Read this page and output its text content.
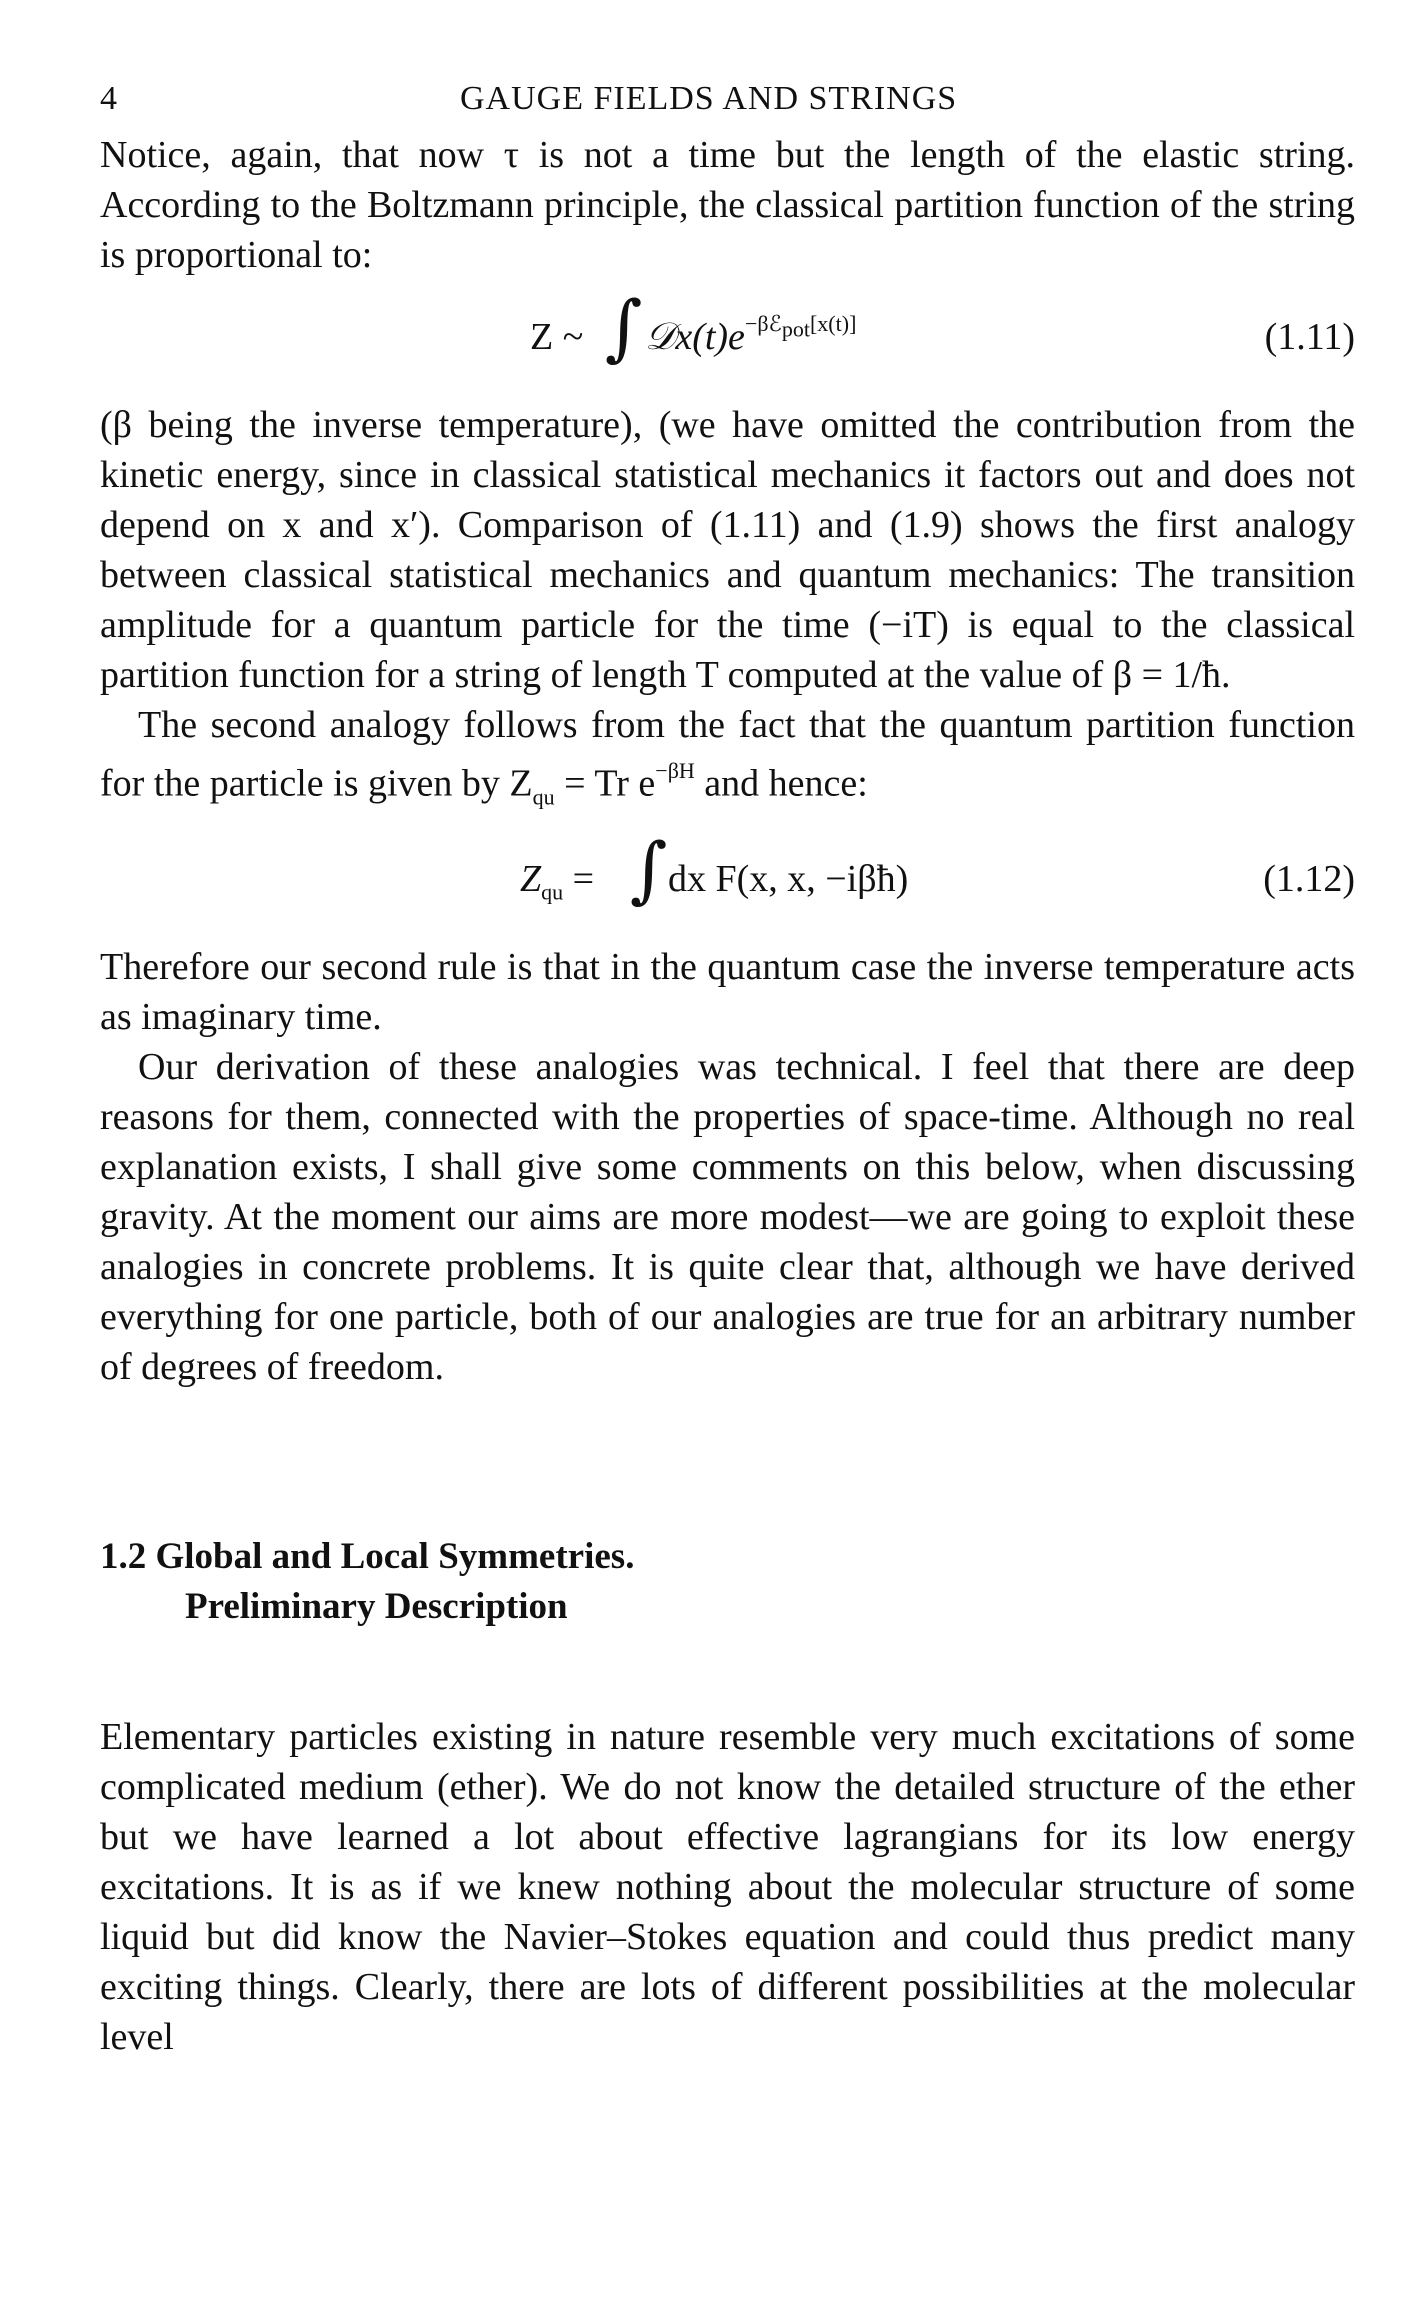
4	GAUGE FIELDS AND STRINGS

Notice, again, that now τ is not a time but the length of the elastic string. According to the Boltzmann principle, the classical partition function of the string is proportional to:

Z ~ ∫ $𝒟x(t)e^{-\beta ℰ_{pot}[x(t)]}$	(1.11)

(β being the inverse temperature), (we have omitted the contribution from the kinetic energy, since in classical statistical mechanics it factors out and does not depend on x and x′). Comparison of (1.11) and (1.9) shows the first analogy between classical statistical mechanics and quantum mechanics: The transition amplitude for a quantum particle for the time (−iT) is equal to the classical partition function for a string of length T computed at the value of β = 1/ħ.

The second analogy follows from the fact that the quantum partition function for the particle is given by $Z_{qu} = Tr$ $e^{-\beta H}$ and hence:

$Z_{qu}$ = ∫ dx F(x, x, −iβħ)	(1.12)

Therefore our second rule is that in the quantum case the inverse temperature acts as imaginary time.

Our derivation of these analogies was technical. I feel that there are deep reasons for them, connected with the properties of space-time. Although no real explanation exists, I shall give some comments on this below, when discussing gravity. At the moment our aims are more modest—we are going to exploit these analogies in concrete problems. It is quite clear that, although we have derived everything for one particle, both of our analogies are true for an arbitrary number of degrees of freedom.

1.2 Global and Local Symmetries.
Preliminary Description

Elementary particles existing in nature resemble very much excitations of some complicated medium (ether). We do not know the detailed structure of the ether but we have learned a lot about effective lagrangians for its low energy excitations. It is as if we knew nothing about the molecular structure of some liquid but did know the Navier–Stokes equation and could thus predict many exciting things. Clearly, there are lots of different possibilities at the molecular level
